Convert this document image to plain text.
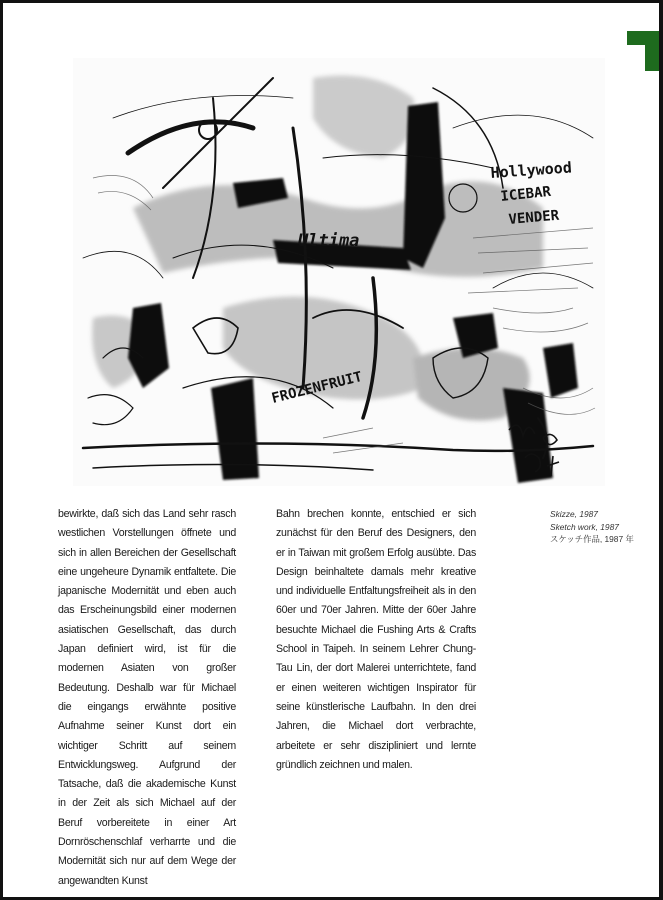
Hollywood
ICEBAR
VENDER
Ultima
FROZENFRUIT
bewirkte, daß sich das Land sehr rasch westlichen Vorstellungen öffnete und sich in allen Bereichen der Gesellschaft eine ungeheure Dynamik entfaltete. Die japanische Modernität und eben auch das Erscheinungsbild einer modernen asiatischen Gesellschaft, das durch Japan definiert wird, ist für die modernen Asiaten von großer Bedeutung. Deshalb war für Michael die eingangs erwähnte positive Aufnahme seiner Kunst dort ein wichtiger Schritt auf seinem Entwicklungsweg. Aufgrund der Tatsache, daß die akademische Kunst in der Zeit als sich Michael auf der Beruf vorbereitete in einer Art Dornröschenschlaf verharrte und die Modernität sich nur auf dem Wege der angewandten Kunst
Bahn brechen konnte, entschied er sich zunächst für den Beruf des Designers, den er in Taiwan mit großem Erfolg ausübte. Das Design beinhaltete damals mehr kreative und individuelle Entfaltungsfreiheit als in den 60er und 70er Jahren. Mitte der 60er Jahre besuchte Michael die Fushing Arts & Crafts School in Taipeh. In seinem Lehrer Chung-Tau Lin, der dort Malerei unterrichtete, fand er einen weiteren wichtigen Inspirator für seine künstlerische Laufbahn. In den drei Jahren, die Michael dort verbrachte, arbeitete er sehr diszipliniert und lernte gründlich zeichnen und malen.
Skizze, 1987
Sketch work, 1987
スケッチ作品, 1987 年
